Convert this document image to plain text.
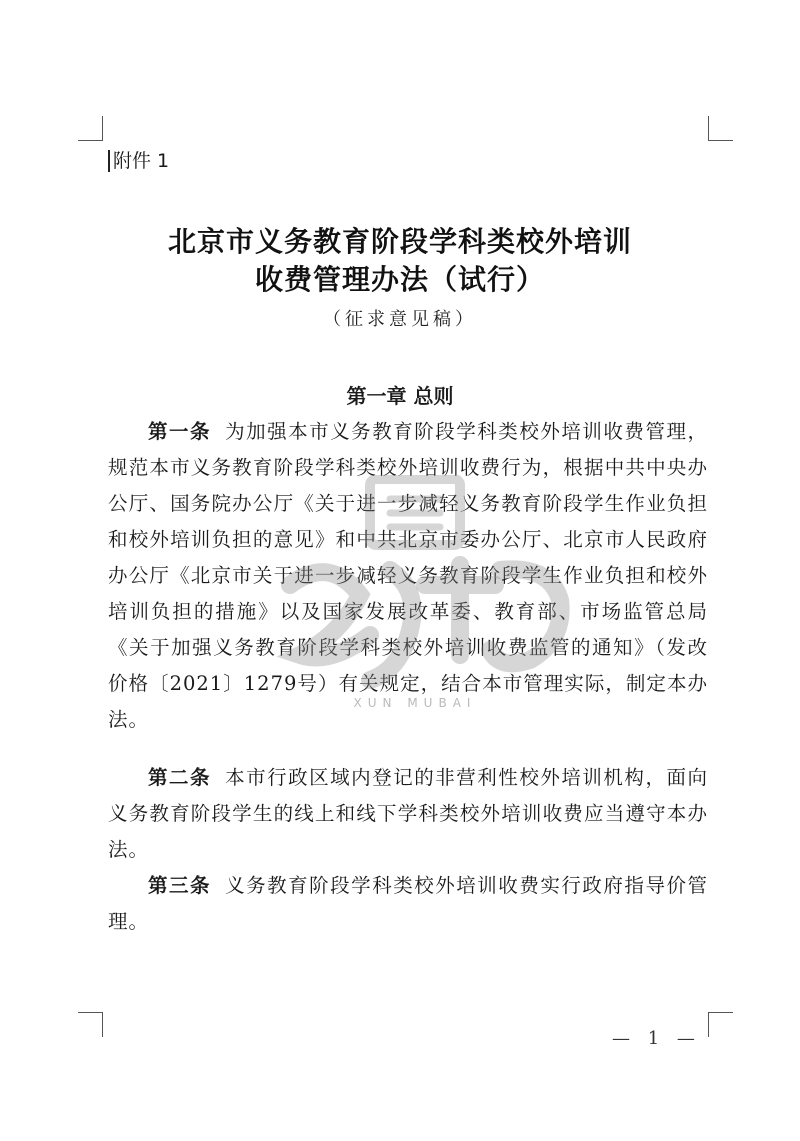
附件 1
北京市义务教育阶段学科类校外培训
收费管理办法（试行）
（征求意见稿）
第一章 总则
第一条 为加强本市义务教育阶段学科类校外培训收费管理，规范本市义务教育阶段学科类校外培训收费行为，根据中共中央办公厅、国务院办公厅《关于进一步减轻义务教育阶段学生作业负担和校外培训负担的意见》和中共北京市委办公厅、北京市人民政府办公厅《北京市关于进一步减轻义务教育阶段学生作业负担和校外培训负担的措施》以及国家发展改革委、教育部、市场监管总局《关于加强义务教育阶段学科类校外培训收费监管的通知》（发改价格〔2021〕1279号）有关规定，结合本市管理实际，制定本办法。
第二条 本市行政区域内登记的非营利性校外培训机构，面向义务教育阶段学生的线上和线下学科类校外培训收费应当遵守本办法。
第三条 义务教育阶段学科类校外培训收费实行政府指导价管理。
— 1 —
XUN MUBAI
